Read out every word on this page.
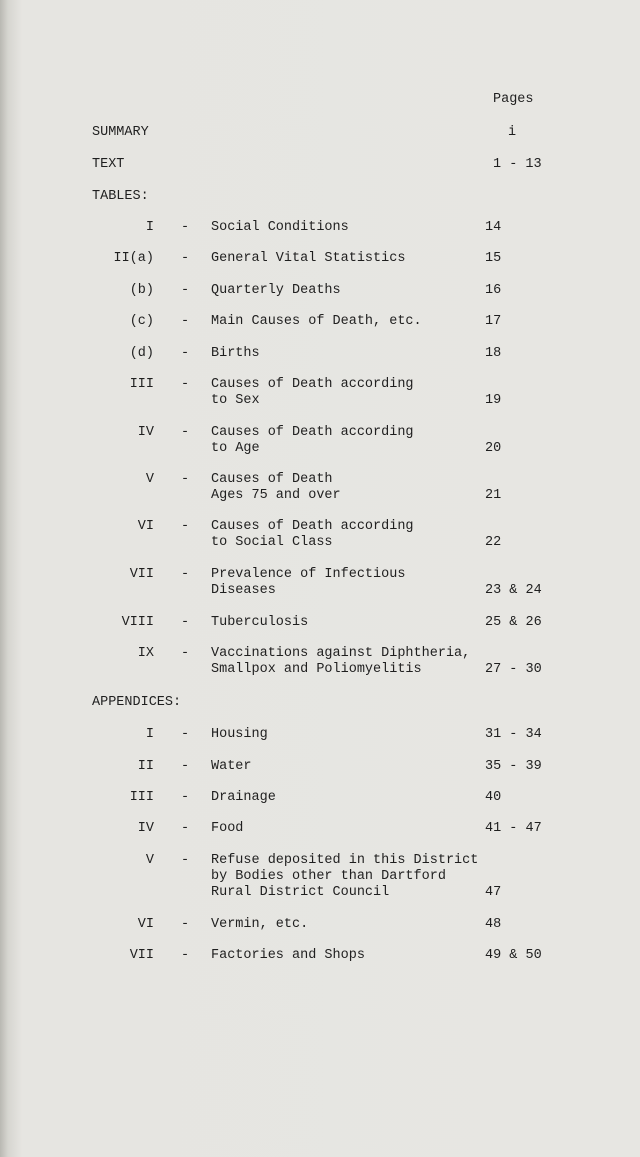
Pages
SUMMARY	i
TEXT	1 - 13
TABLES:
I - Social Conditions	14
II(a) - General Vital Statistics	15
(b) - Quarterly Deaths	16
(c) - Main Causes of Death, etc.	17
(d) - Births	18
III - Causes of Death according
to Sex	19
IV - Causes of Death according
to Age	20
V - Causes of Death
Ages 75 and over	21
VI - Causes of Death according
to Social Class	22
VII - Prevalence of Infectious
Diseases	23 & 24
VIII - Tuberculosis	25 & 26
IX - Vaccinations against Diphtheria,
Smallpox and Poliomyelitis	27 - 30
APPENDICES:
I - Housing	31 - 34
II - Water	35 - 39
III - Drainage	40
IV - Food	41 - 47
V - Refuse deposited in this District
by Bodies other than Dartford
Rural District Council	47
VI - Vermin, etc.	48
VII - Factories and Shops	49 & 50
